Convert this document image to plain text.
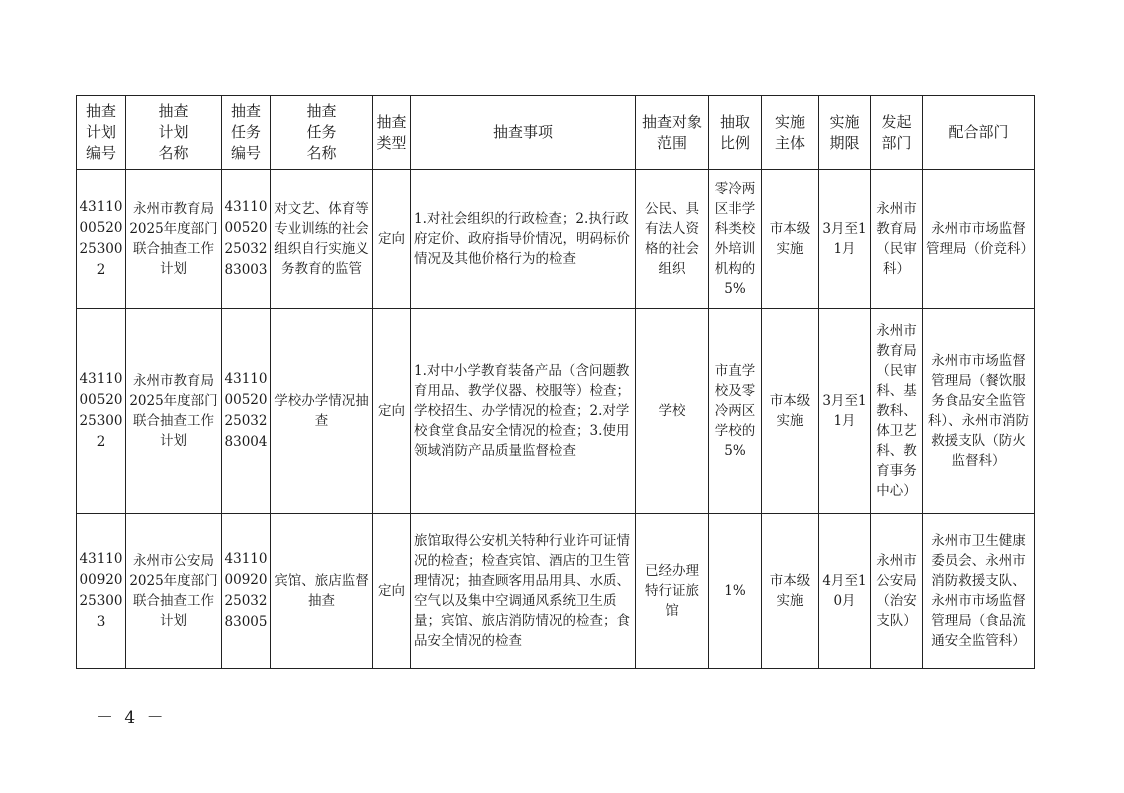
抽查计划编号	抽查计划名称	抽查任务编号	抽查任务名称	抽查类型	抽查事项	抽查对象范围	抽取比例	实施主体	实施期限	发起部门	配合部门
431100052025300 2	永州市教育局2025年度部门联合抽查工作计划	431100052025032 83003	对文艺、体育等专业训练的社会组织自行实施义务教育的监管	定向	1.对社会组织的行政检查；2.执行政府定价、政府指导价情况，明码标价情况及其他价格行为的检查	公民、具有法人资格的社会组织	零冷两区非学科类校外培训机构的5%	市本级实施	3月至11月	永州市教育局（民审科）	永州市市场监督管理局（价竞科）
431100052025300 2	永州市教育局2025年度部门联合抽查工作计划	431100052025032 83004	学校办学情况抽查	定向	1.对中小学教育装备产品（含问题教育用品、教学仪器、校服等）检查；学校招生、办学情况的检查；2.对学校食堂食品安全情况的检查；3.使用领域消防产品质量监督检查	学校	市直学校及零冷两区学校的5%	市本级实施	3月至11月	永州市教育局（民审科、基教科、体卫艺科、教育事务中心）	永州市市场监督管理局（餐饮服务食品安全监管科）、永州市消防救援支队（防火监督科）
431100092025300 3	永州市公安局2025年度部门联合抽查工作计划	431100092025032 83005	宾馆、旅店监督抽查	定向	旅馆取得公安机关特种行业许可证情况的检查；检查宾馆、酒店的卫生管理情况；抽查顾客用品用具、水质、空气以及集中空调通风系统卫生质量；宾馆、旅店消防情况的检查；食品安全情况的检查	已经办理特行证旅馆	1%	市本级实施	4月至10月	永州市公安局（治安支队）	永州市卫生健康委员会、永州市消防救援支队、永州市市场监督管理局（食品流通安全监管科）
－ 4 －
